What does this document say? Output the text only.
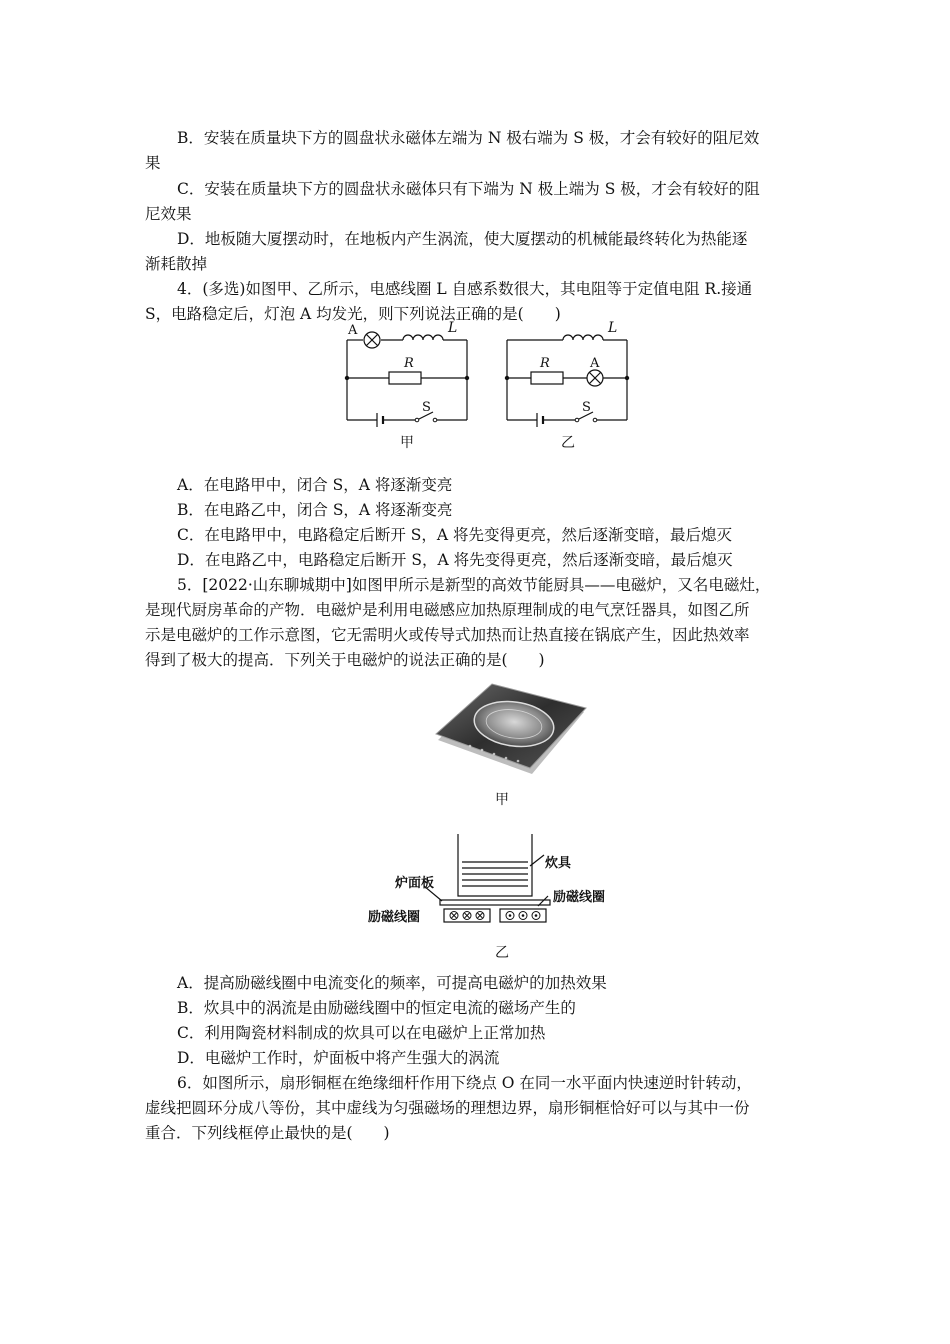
B．安装在质量块下方的圆盘状永磁体左端为 N 极右端为 S 极，才会有较好的阻尼效
果
C．安装在质量块下方的圆盘状永磁体只有下端为 N 极上端为 S 极，才会有较好的阻
尼效果
D．地板随大厦摆动时，在地板内产生涡流，使大厦摆动的机械能最终转化为热能逐
渐耗散掉
4．(多选)如图甲、乙所示，电感线圈 L 自感系数很大，其电阻等于定值电阻 R.接通
S，电路稳定后，灯泡 A 均发光，则下列说法正确的是(　　)
A	L
R
S
甲
L
A
R
S
乙
A．在电路甲中，闭合 S，A 将逐渐变亮
B．在电路乙中，闭合 S，A 将逐渐变亮
C．在电路甲中，电路稳定后断开 S，A 将先变得更亮，然后逐渐变暗，最后熄灭
D．在电路乙中，电路稳定后断开 S，A 将先变得更亮，然后逐渐变暗，最后熄灭
5．[2022·山东聊城期中]如图甲所示是新型的高效节能厨具——电磁炉，又名电磁灶，
是现代厨房革命的产物．电磁炉是利用电磁感应加热原理制成的电气烹饪器具，如图乙所
示是电磁炉的工作示意图，它无需明火或传导式加热而让热直接在锅底产生，因此热效率
得到了极大的提高．下列关于电磁炉的说法正确的是(　　)
甲
炊具
炉面板
励磁线圈
励磁线圈
乙
A．提高励磁线圈中电流变化的频率，可提高电磁炉的加热效果
B．炊具中的涡流是由励磁线圈中的恒定电流的磁场产生的
C．利用陶瓷材料制成的炊具可以在电磁炉上正常加热
D．电磁炉工作时，炉面板中将产生强大的涡流
6．如图所示，扇形铜框在绝缘细杆作用下绕点 O 在同一水平面内快速逆时针转动，
虚线把圆环分成八等份，其中虚线为匀强磁场的理想边界，扇形铜框恰好可以与其中一份
重合．下列线框停止最快的是(　　)
